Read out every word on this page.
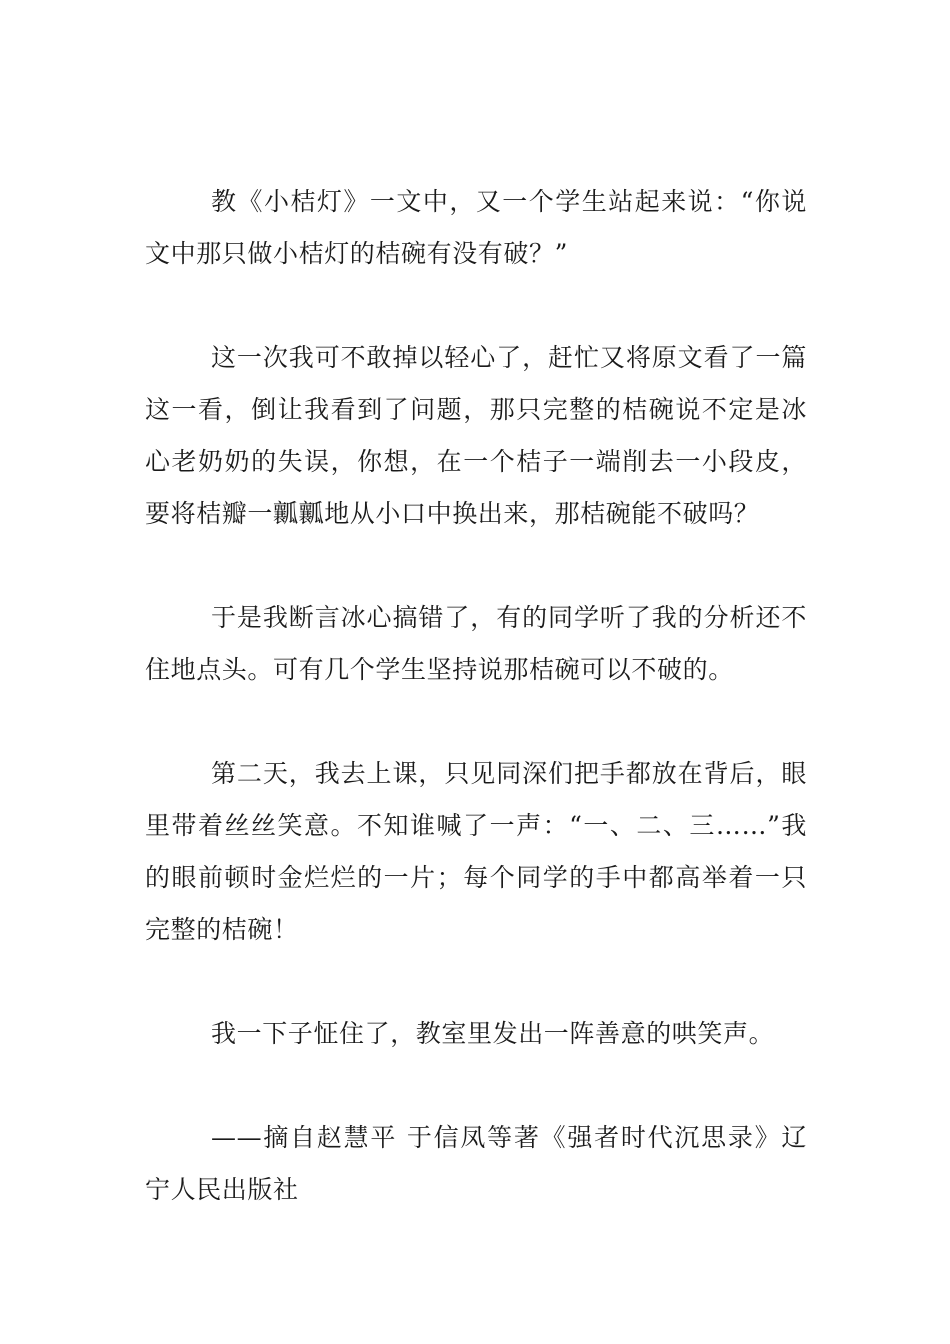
教《小桔灯》一文中，又一个学生站起来说：“你说文中那只做小桔灯的桔碗有没有破？”

这一次我可不敢掉以轻心了，赶忙又将原文看了一篇这一看，倒让我看到了问题，那只完整的桔碗说不定是冰心老奶奶的失误，你想，在一个桔子一端削去一小段皮，要将桔瓣一瓤瓤地从小口中换出来，那桔碗能不破吗？

于是我断言冰心搞错了，有的同学听了我的分析还不住地点头。可有几个学生坚持说那桔碗可以不破的。

第二天，我去上课，只见同深们把手都放在背后，眼里带着丝丝笑意。不知谁喊了一声：“一、二、三……”我的眼前顿时金烂烂的一片；每个同学的手中都高举着一只完整的桔碗！

我一下子怔住了，教室里发出一阵善意的哄笑声。

——摘自赵慧平 于信凤等著《强者时代沉思录》辽宁人民出版社
